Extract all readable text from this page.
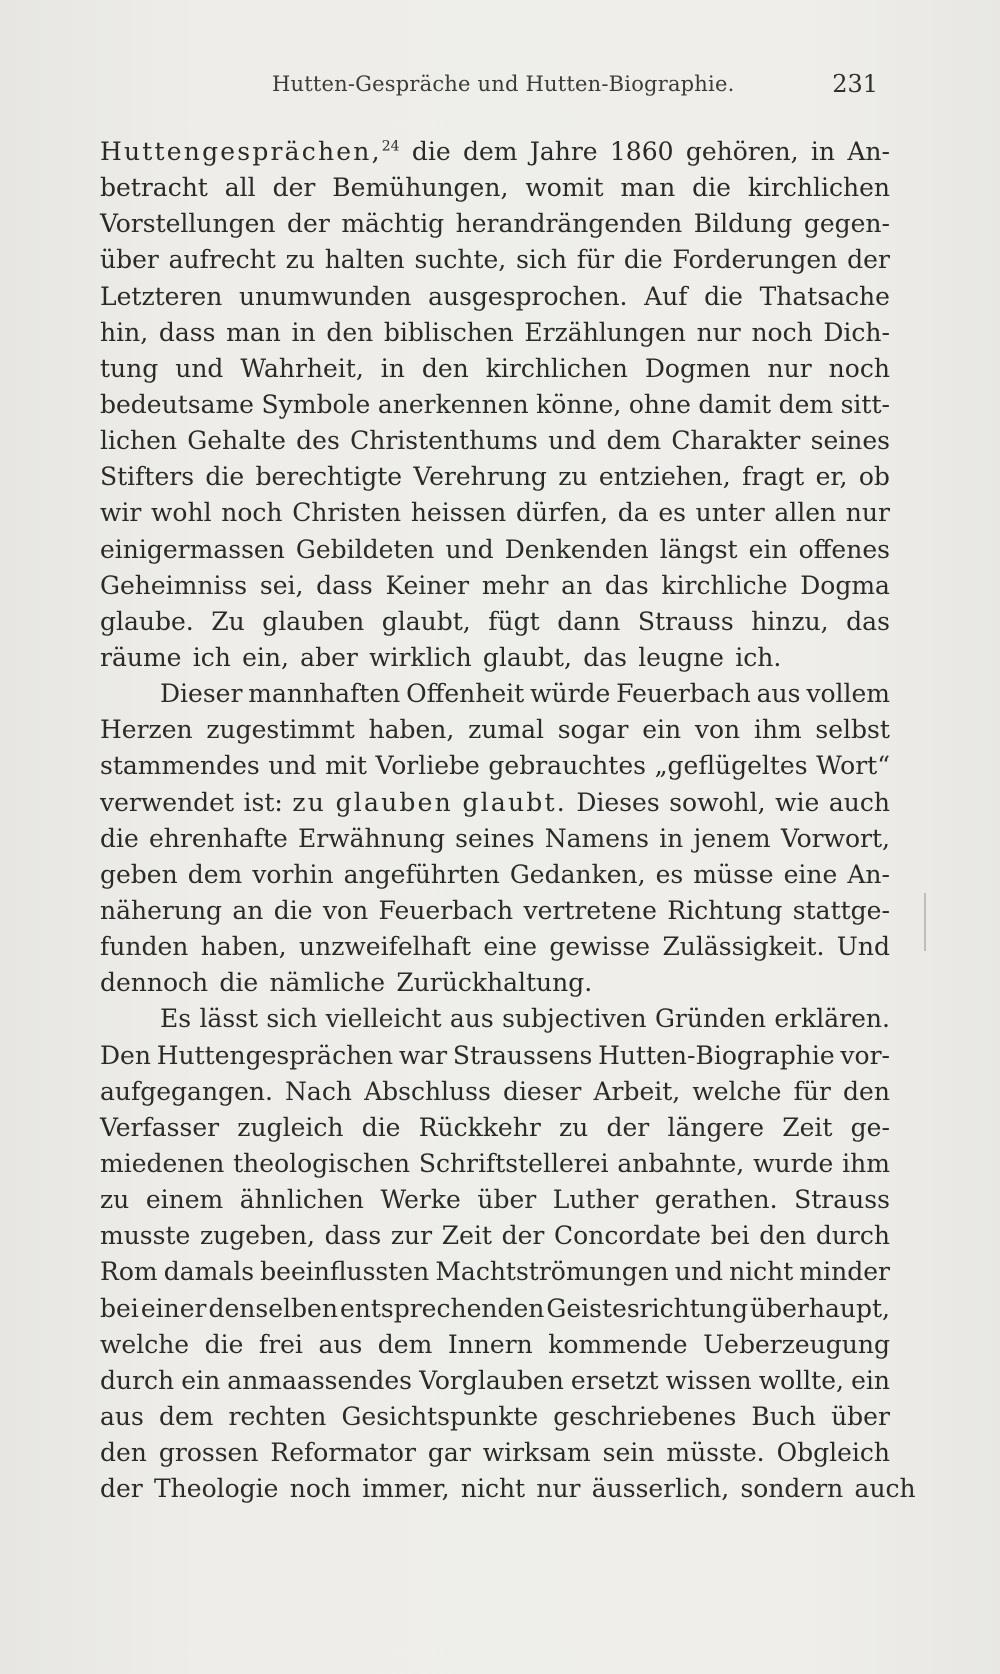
Hutten-Gespräche und Hutten-Biographie.	231
Huttengesprächen,$^{24}$ die dem Jahre 1860 gehören, in An-
betracht all der Bemühungen, womit man die kirchlichen
Vorstellungen der mächtig herandrängenden Bildung gegen-
über aufrecht zu halten suchte, sich für die Forderungen der
Letzteren unumwunden ausgesprochen. Auf die Thatsache
hin, dass man in den biblischen Erzählungen nur noch Dich-
tung und Wahrheit, in den kirchlichen Dogmen nur noch
bedeutsame Symbole anerkennen könne, ohne damit dem sitt-
lichen Gehalte des Christenthums und dem Charakter seines
Stifters die berechtigte Verehrung zu entziehen, fragt er, ob
wir wohl noch Christen heissen dürfen, da es unter allen nur
einigermassen Gebildeten und Denkenden längst ein offenes
Geheimniss sei, dass Keiner mehr an das kirchliche Dogma
glaube. Zu glauben glaubt, fügt dann Strauss hinzu, das
räume ich ein, aber wirklich glaubt, das leugne ich.
Dieser mannhaften Offenheit würde Feuerbach aus vollem
Herzen zugestimmt haben, zumal sogar ein von ihm selbst
stammendes und mit Vorliebe gebrauchtes „geflügeltes Wort“
verwendet ist: zu glauben glaubt. Dieses sowohl, wie auch
die ehrenhafte Erwähnung seines Namens in jenem Vorwort,
geben dem vorhin angeführten Gedanken, es müsse eine An-
näherung an die von Feuerbach vertretene Richtung stattge-
funden haben, unzweifelhaft eine gewisse Zulässigkeit. Und
dennoch die nämliche Zurückhaltung.
Es lässt sich vielleicht aus subjectiven Gründen erklären.
Den Huttengesprächen war Straussens Hutten-Biographie vor-
aufgegangen. Nach Abschluss dieser Arbeit, welche für den
Verfasser zugleich die Rückkehr zu der längere Zeit ge-
miedenen theologischen Schriftstellerei anbahnte, wurde ihm
zu einem ähnlichen Werke über Luther gerathen. Strauss
musste zugeben, dass zur Zeit der Concordate bei den durch
Rom damals beeinflussten Machtströmungen und nicht minder
bei einer denselben entsprechenden Geistesrichtung überhaupt,
welche die frei aus dem Innern kommende Ueberzeugung
durch ein anmaassendes Vorglauben ersetzt wissen wollte, ein
aus dem rechten Gesichtspunkte geschriebenes Buch über
den grossen Reformator gar wirksam sein müsste. Obgleich
der Theologie noch immer, nicht nur äusserlich, sondern auch
